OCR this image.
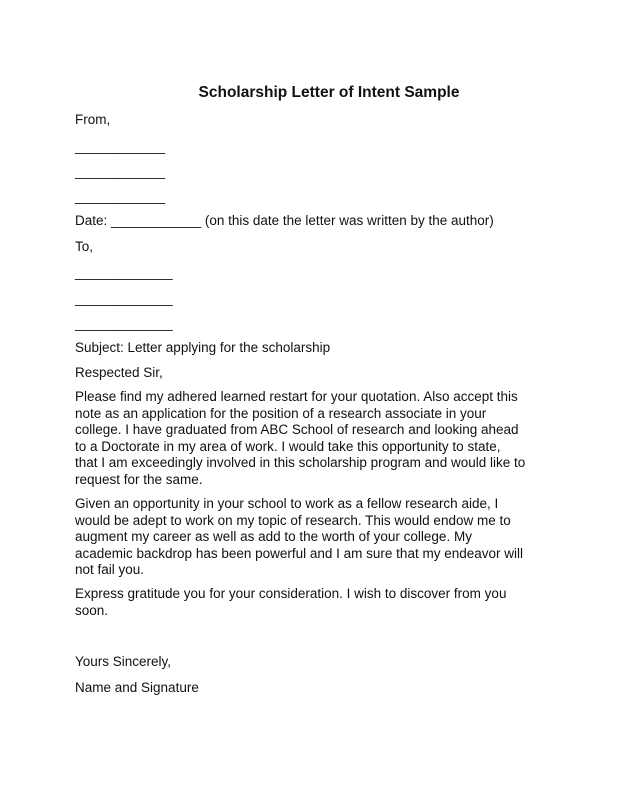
Scholarship Letter of Intent Sample
From,
____________
____________
____________
Date: ____________ (on this date the letter was written by the author)
To,
_____________
_____________
_____________
Subject: Letter applying for the scholarship
Respected Sir,
Please find my adhered learned restart for your quotation. Also accept this
note as an application for the position of a research associate in your
college. I have graduated from ABC School of research and looking ahead
to a Doctorate in my area of work. I would take this opportunity to state,
that I am exceedingly involved in this scholarship program and would like to
request for the same.
Given an opportunity in your school to work as a fellow research aide, I
would be adept to work on my topic of research. This would endow me to
augment my career as well as add to the worth of your college. My
academic backdrop has been powerful and I am sure that my endeavor will
not fail you.
Express gratitude you for your consideration. I wish to discover from you
soon.
Yours Sincerely,
Name and Signature
